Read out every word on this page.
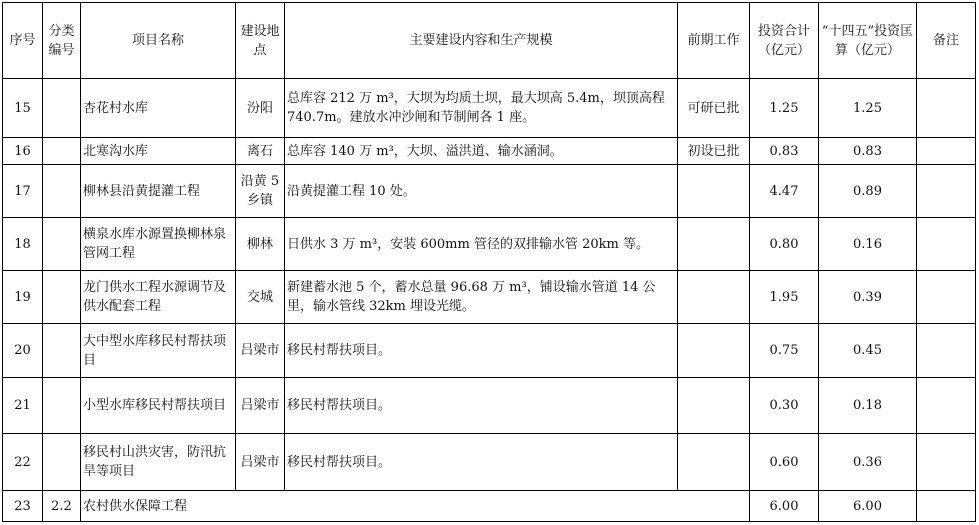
序号	分类编号	项目名称	建设地点	主要建设内容和生产规模	前期工作	投资合计（亿元）	“十四五”投资匡算（亿元）	备注
15		杏花村水库	汾阳	总库容 212 万 m³，大坝为均质土坝，最大坝高 5.4m，坝顶高程 740.7m。建放水冲沙闸和节制闸各 1 座。	可研已批	1.25	1.25	
16		北寒沟水库	离石	总库容 140 万 m³，大坝、溢洪道、输水涵洞。	初设已批	0.83	0.83	
17		柳林县沿黄提灌工程	沿黄 5 乡镇	沿黄提灌工程 10 处。		4.47	0.89	
18		横泉水库水源置换柳林泉管网工程	柳林	日供水 3 万 m³，安装 600mm 管径的双排输水管 20km 等。		0.80	0.16	
19		龙门供水工程水源调节及供水配套工程	交城	新建蓄水池 5 个，蓄水总量 96.68 万 m³，铺设输水管道 14 公里，输水管线 32km 埋设光缆。		1.95	0.39	
20		大中型水库移民村帮扶项目	吕梁市	移民村帮扶项目。		0.75	0.45	
21		小型水库移民村帮扶项目	吕梁市	移民村帮扶项目。		0.30	0.18	
22		移民村山洪灾害，防汛抗旱等项目	吕梁市	移民村帮扶项目。		0.60	0.36	
23	2.2	农村供水保障工程				6.00	6.00	
